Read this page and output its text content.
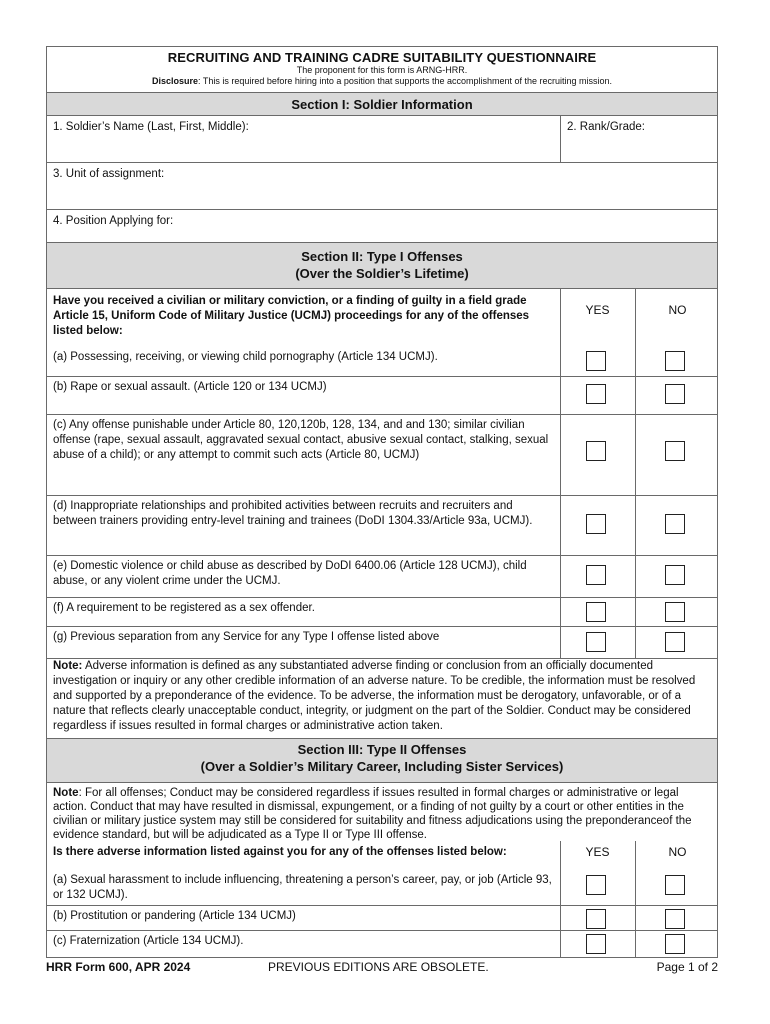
RECRUITING AND TRAINING CADRE SUITABILITY QUESTIONNAIRE
The proponent for this form is ARNG-HRR.
Disclosure: This is required before hiring into a position that supports the accomplishment of the recruiting mission.
Section I: Soldier Information
1. Soldier’s Name (Last, First, Middle):	2. Rank/Grade:
3. Unit of assignment:
4. Position Applying for:
Section II: Type I Offenses
(Over the Soldier’s Lifetime)
Have you received a civilian or military conviction, or a finding of guilty in a field grade Article 15, Uniform Code of Military Justice (UCMJ) proceedings for any of the offenses listed below:
YES	NO
(a) Possessing, receiving, or viewing child pornography (Article 134 UCMJ).
(b) Rape or sexual assault. (Article 120 or 134 UCMJ)
(c) Any offense punishable under Article 80, 120,120b, 128, 134, and and 130; similar civilian offense (rape, sexual assault, aggravated sexual contact, abusive sexual contact, stalking, sexual abuse of a child); or any attempt to commit such acts (Article 80, UCMJ)
(d) Inappropriate relationships and prohibited activities between recruits and recruiters and between trainers providing entry-level training and trainees (DoDI 1304.33/Article 93a, UCMJ).
(e) Domestic violence or child abuse as described by DoDI 6400.06 (Article 128 UCMJ), child abuse, or any violent crime under the UCMJ.
(f) A requirement to be registered as a sex offender.
(g) Previous separation from any Service for any Type I offense listed above
Note: Adverse information is defined as any substantiated adverse finding or conclusion from an officially documented investigation or inquiry or any other credible information of an adverse nature. To be credible, the information must be resolved and supported by a preponderance of the evidence. To be adverse, the information must be derogatory, unfavorable, or of a nature that reflects clearly unacceptable conduct, integrity, or judgment on the part of the Soldier. Conduct may be considered regardless if issues resulted in formal charges or administrative action taken.
Section III: Type II Offenses
(Over a Soldier’s Military Career, Including Sister Services)
Note: For all offenses; Conduct may be considered regardless if issues resulted in formal charges or administrative or legal action. Conduct that may have resulted in dismissal, expungement, or a finding of not guilty by a court or other entities in the civilian or military justice system may still be considered for suitability and fitness adjudications using the preponderanceof the evidence standard, but will be adjudicated as a Type II or Type III offense.
Is there adverse information listed against you for any of the offenses listed below:	YES	NO
(a) Sexual harassment to include influencing, threatening a person’s career, pay, or job (Article 93, or 132 UCMJ).
(b) Prostitution or pandering (Article 134 UCMJ)
(c) Fraternization (Article 134 UCMJ).
HRR Form 600, APR 2024	PREVIOUS EDITIONS ARE OBSOLETE.	Page 1 of 2
